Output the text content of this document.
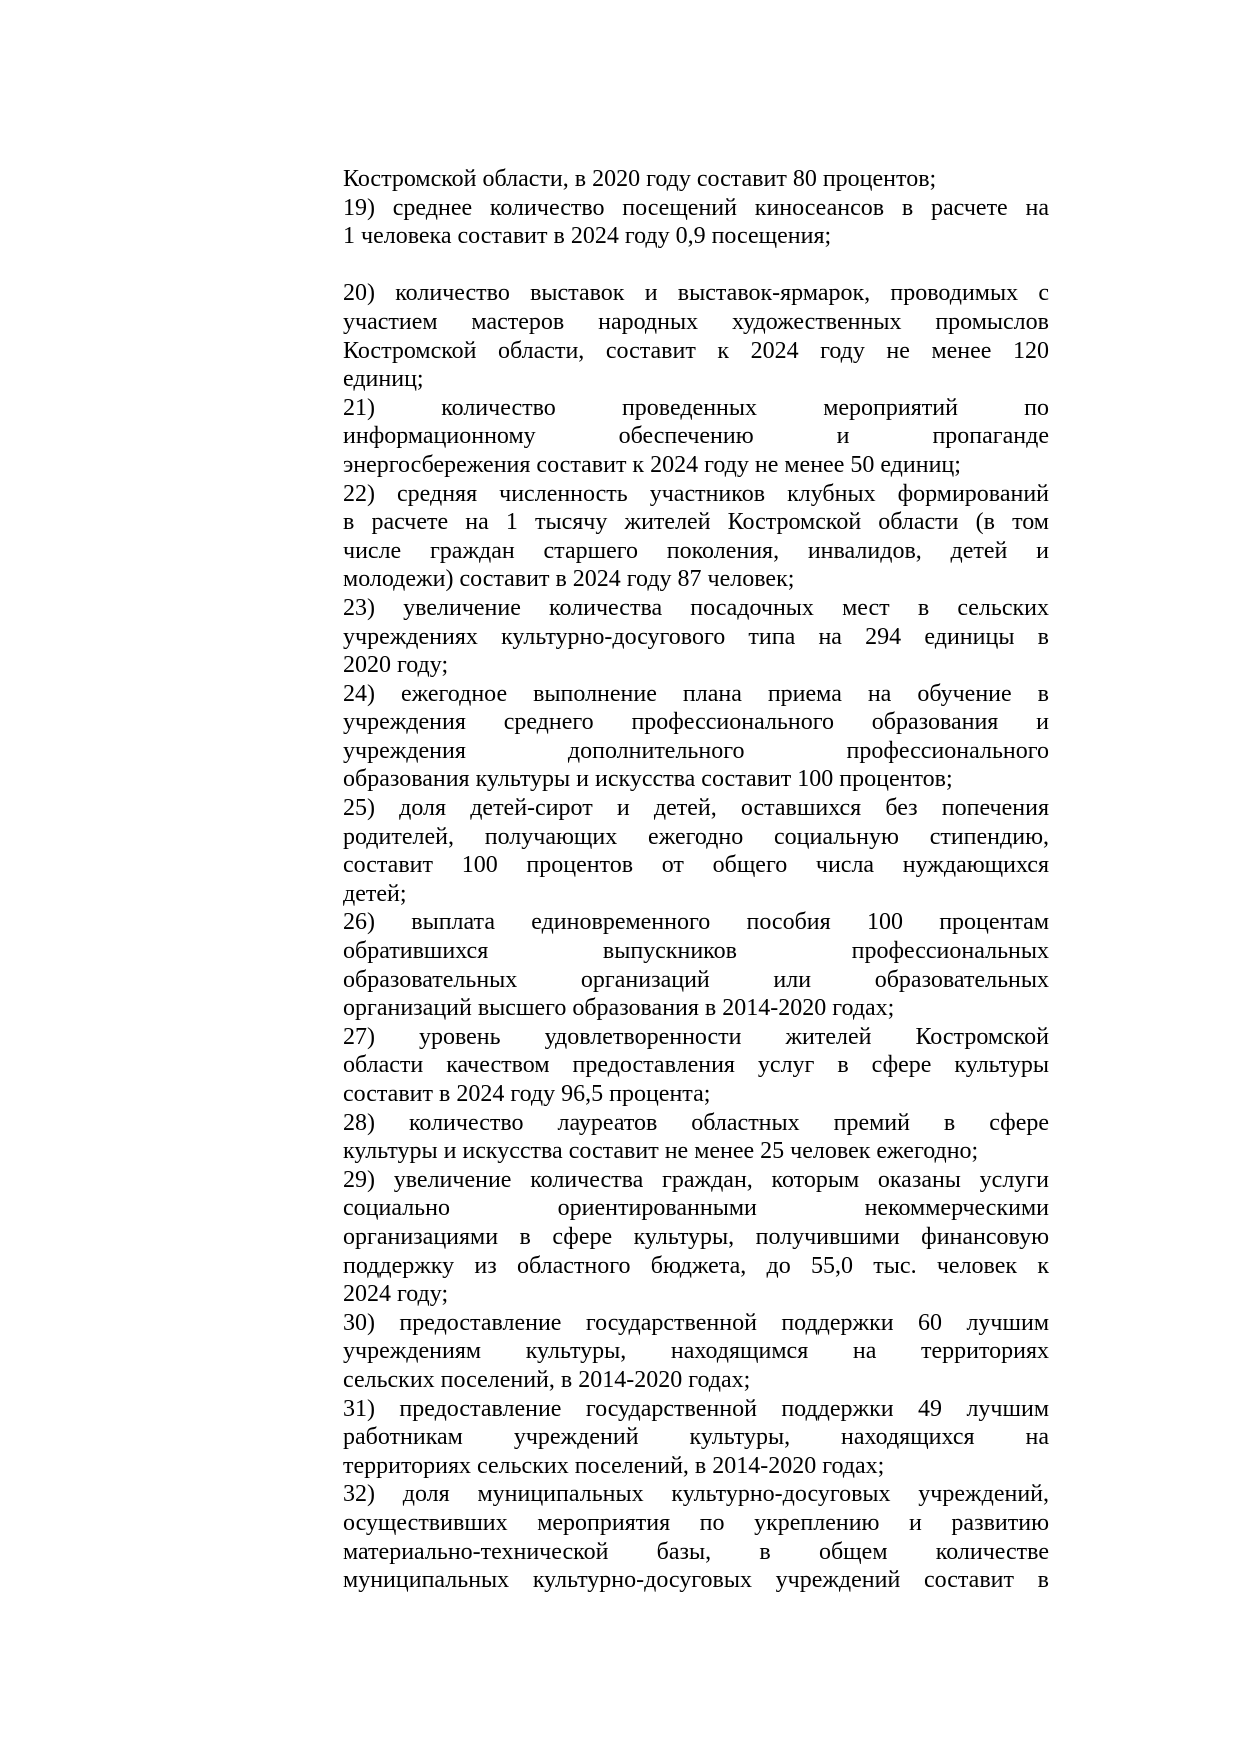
Костромской области, в 2020 году составит 80 процентов;
19) среднее количество посещений киносеансов в расчете на
1 человека составит в 2024 году 0,9 посещения;

20) количество выставок и выставок-ярмарок, проводимых с
участием мастеров народных художественных промыслов
Костромской области, составит к 2024 году не менее 120
единиц;
21) количество проведенных мероприятий по
информационному обеспечению и пропаганде
энергосбережения составит к 2024 году не менее 50 единиц;
22) средняя численность участников клубных формирований
в расчете на 1 тысячу жителей Костромской области (в том
числе граждан старшего поколения, инвалидов, детей и
молодежи) составит в 2024 году 87 человек;
23) увеличение количества посадочных мест в сельских
учреждениях культурно-досугового типа на 294 единицы в
2020 году;
24) ежегодное выполнение плана приема на обучение в
учреждения среднего профессионального образования и
учреждения дополнительного профессионального
образования культуры и искусства составит 100 процентов;
25) доля детей-сирот и детей, оставшихся без попечения
родителей, получающих ежегодно социальную стипендию,
составит 100 процентов от общего числа нуждающихся
детей;
26) выплата единовременного пособия 100 процентам
обратившихся выпускников профессиональных
образовательных организаций или образовательных
организаций высшего образования в 2014-2020 годах;
27) уровень удовлетворенности жителей Костромской
области качеством предоставления услуг в сфере культуры
составит в 2024 году 96,5 процента;
28) количество лауреатов областных премий в сфере
культуры и искусства составит не менее 25 человек ежегодно;
29) увеличение количества граждан, которым оказаны услуги
социально ориентированными некоммерческими
организациями в сфере культуры, получившими финансовую
поддержку из областного бюджета, до 55,0 тыс. человек к
2024 году;
30) предоставление государственной поддержки 60 лучшим
учреждениям культуры, находящимся на территориях
сельских поселений, в 2014-2020 годах;
31) предоставление государственной поддержки 49 лучшим
работникам учреждений культуры, находящихся на
территориях сельских поселений, в 2014-2020 годах;
32) доля муниципальных культурно-досуговых учреждений,
осуществивших мероприятия по укреплению и развитию
материально-технической базы, в общем количестве
муниципальных культурно-досуговых учреждений составит в
